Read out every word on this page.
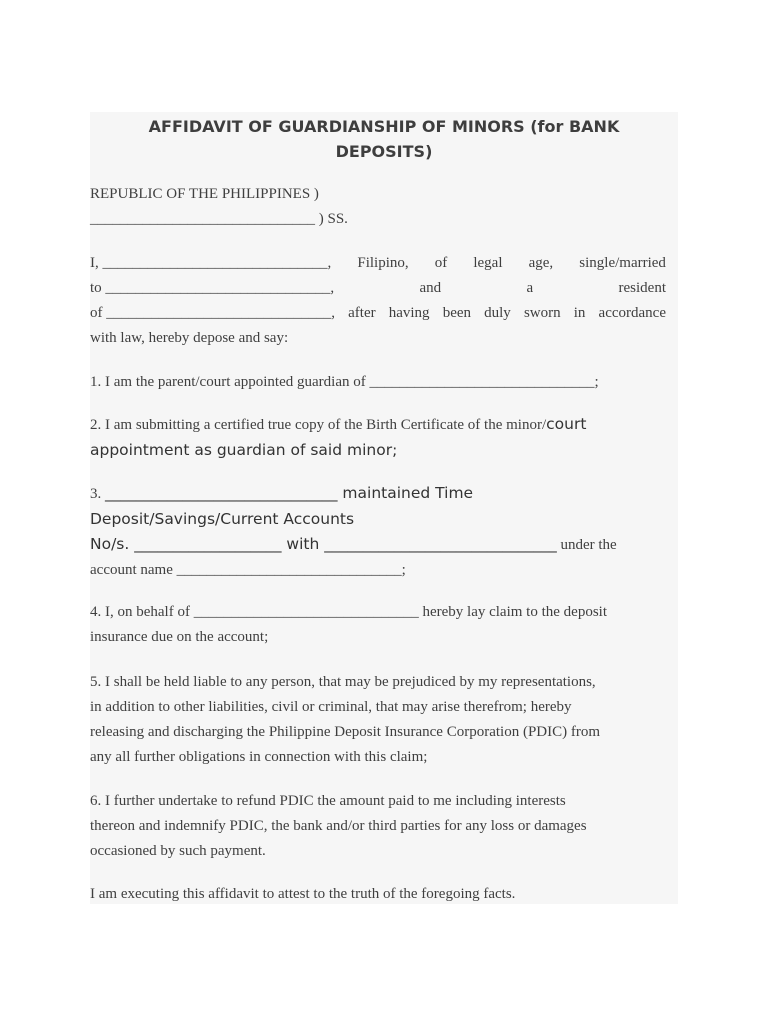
AFFIDAVIT OF GUARDIANSHIP OF MINORS (for BANK
DEPOSITS)
REPUBLIC OF THE PHILIPPINES )
______________________________ ) SS.
I, ______________________________, Filipino, of legal age, single/married
to ______________________________,	and	a	resident
of ______________________________, after having been duly sworn in accordance
with law, hereby depose and say:
1. I am the parent/court appointed guardian of ______________________________;
2. I am submitting a certified true copy of the Birth Certificate of the minor/court
appointment as guardian of said minor;
3. ______________________________ maintained Time
Deposit/Savings/Current Accounts
No/s. ___________________ with ______________________________ under the
account name ______________________________;
4. I, on behalf of ______________________________ hereby lay claim to the deposit
insurance due on the account;
5. I shall be held liable to any person, that may be prejudiced by my representations,
in addition to other liabilities, civil or criminal, that may arise therefrom; hereby
releasing and discharging the Philippine Deposit Insurance Corporation (PDIC) from
any all further obligations in connection with this claim;
6. I further undertake to refund PDIC the amount paid to me including interests
thereon and indemnify PDIC, the bank and/or third parties for any loss or damages
occasioned by such payment.
I am executing this affidavit to attest to the truth of the foregoing facts.
